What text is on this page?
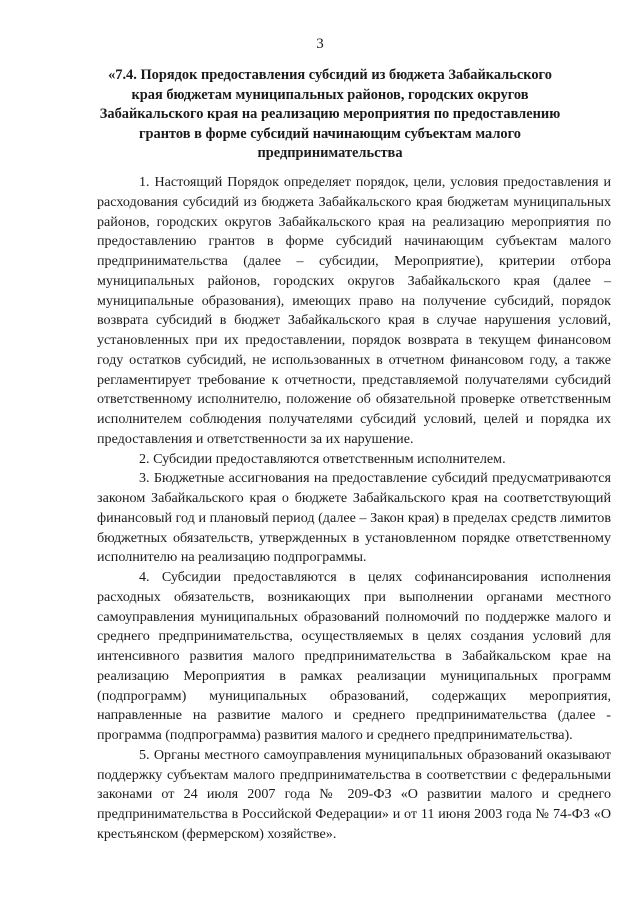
3
«7.4. Порядок предоставления субсидий из бюджета Забайкальского края бюджетам муниципальных районов, городских округов Забайкальского края на реализацию мероприятия по предоставлению грантов в форме субсидий начинающим субъектам малого предпринимательства

1. Настоящий Порядок определяет порядок, цели, условия предоставления и расходования субсидий из бюджета Забайкальского края бюджетам муниципальных районов, городских округов Забайкальского края на реализацию мероприятия по предоставлению грантов в форме субсидий начинающим субъектам малого предпринимательства (далее – субсидии, Мероприятие), критерии отбора муниципальных районов, городских округов Забайкальского края (далее – муниципальные образования), имеющих право на получение субсидий, порядок возврата субсидий в бюджет Забайкальского края в случае нарушения условий, установленных при их предоставлении, порядок возврата в текущем финансовом году остатков субсидий, не использованных в отчетном финансовом году, а также регламентирует требование к отчетности, представляемой получателями субсидий ответственному исполнителю, положение об обязательной проверке ответственным исполнителем соблюдения получателями субсидий условий, целей и порядка их предоставления и ответственности за их нарушение.

2. Субсидии предоставляются ответственным исполнителем.

3. Бюджетные ассигнования на предоставление субсидий предусматриваются законом Забайкальского края о бюджете Забайкальского края на соответствующий финансовый год и плановый период (далее – Закон края) в пределах средств лимитов бюджетных обязательств, утвержденных в установленном порядке ответственному исполнителю на реализацию подпрограммы.

4. Субсидии предоставляются в целях софинансирования исполнения расходных обязательств, возникающих при выполнении органами местного самоуправления муниципальных образований полномочий по поддержке малого и среднего предпринимательства, осуществляемых в целях создания условий для интенсивного развития малого предпринимательства в Забайкальском крае на реализацию Мероприятия в рамках реализации муниципальных программ (подпрограмм) муниципальных образований, содержащих мероприятия, направленные на развитие малого и среднего предпринимательства (далее - программа (подпрограмма) развития малого и среднего предпринимательства).

5. Органы местного самоуправления муниципальных образований оказывают поддержку субъектам малого предпринимательства в соответствии с федеральными законами от 24 июля 2007 года № 209-ФЗ «О развитии малого и среднего предпринимательства в Российской Федерации» и от 11 июня 2003 года № 74-ФЗ «О крестьянском (фермерском) хозяйстве».
